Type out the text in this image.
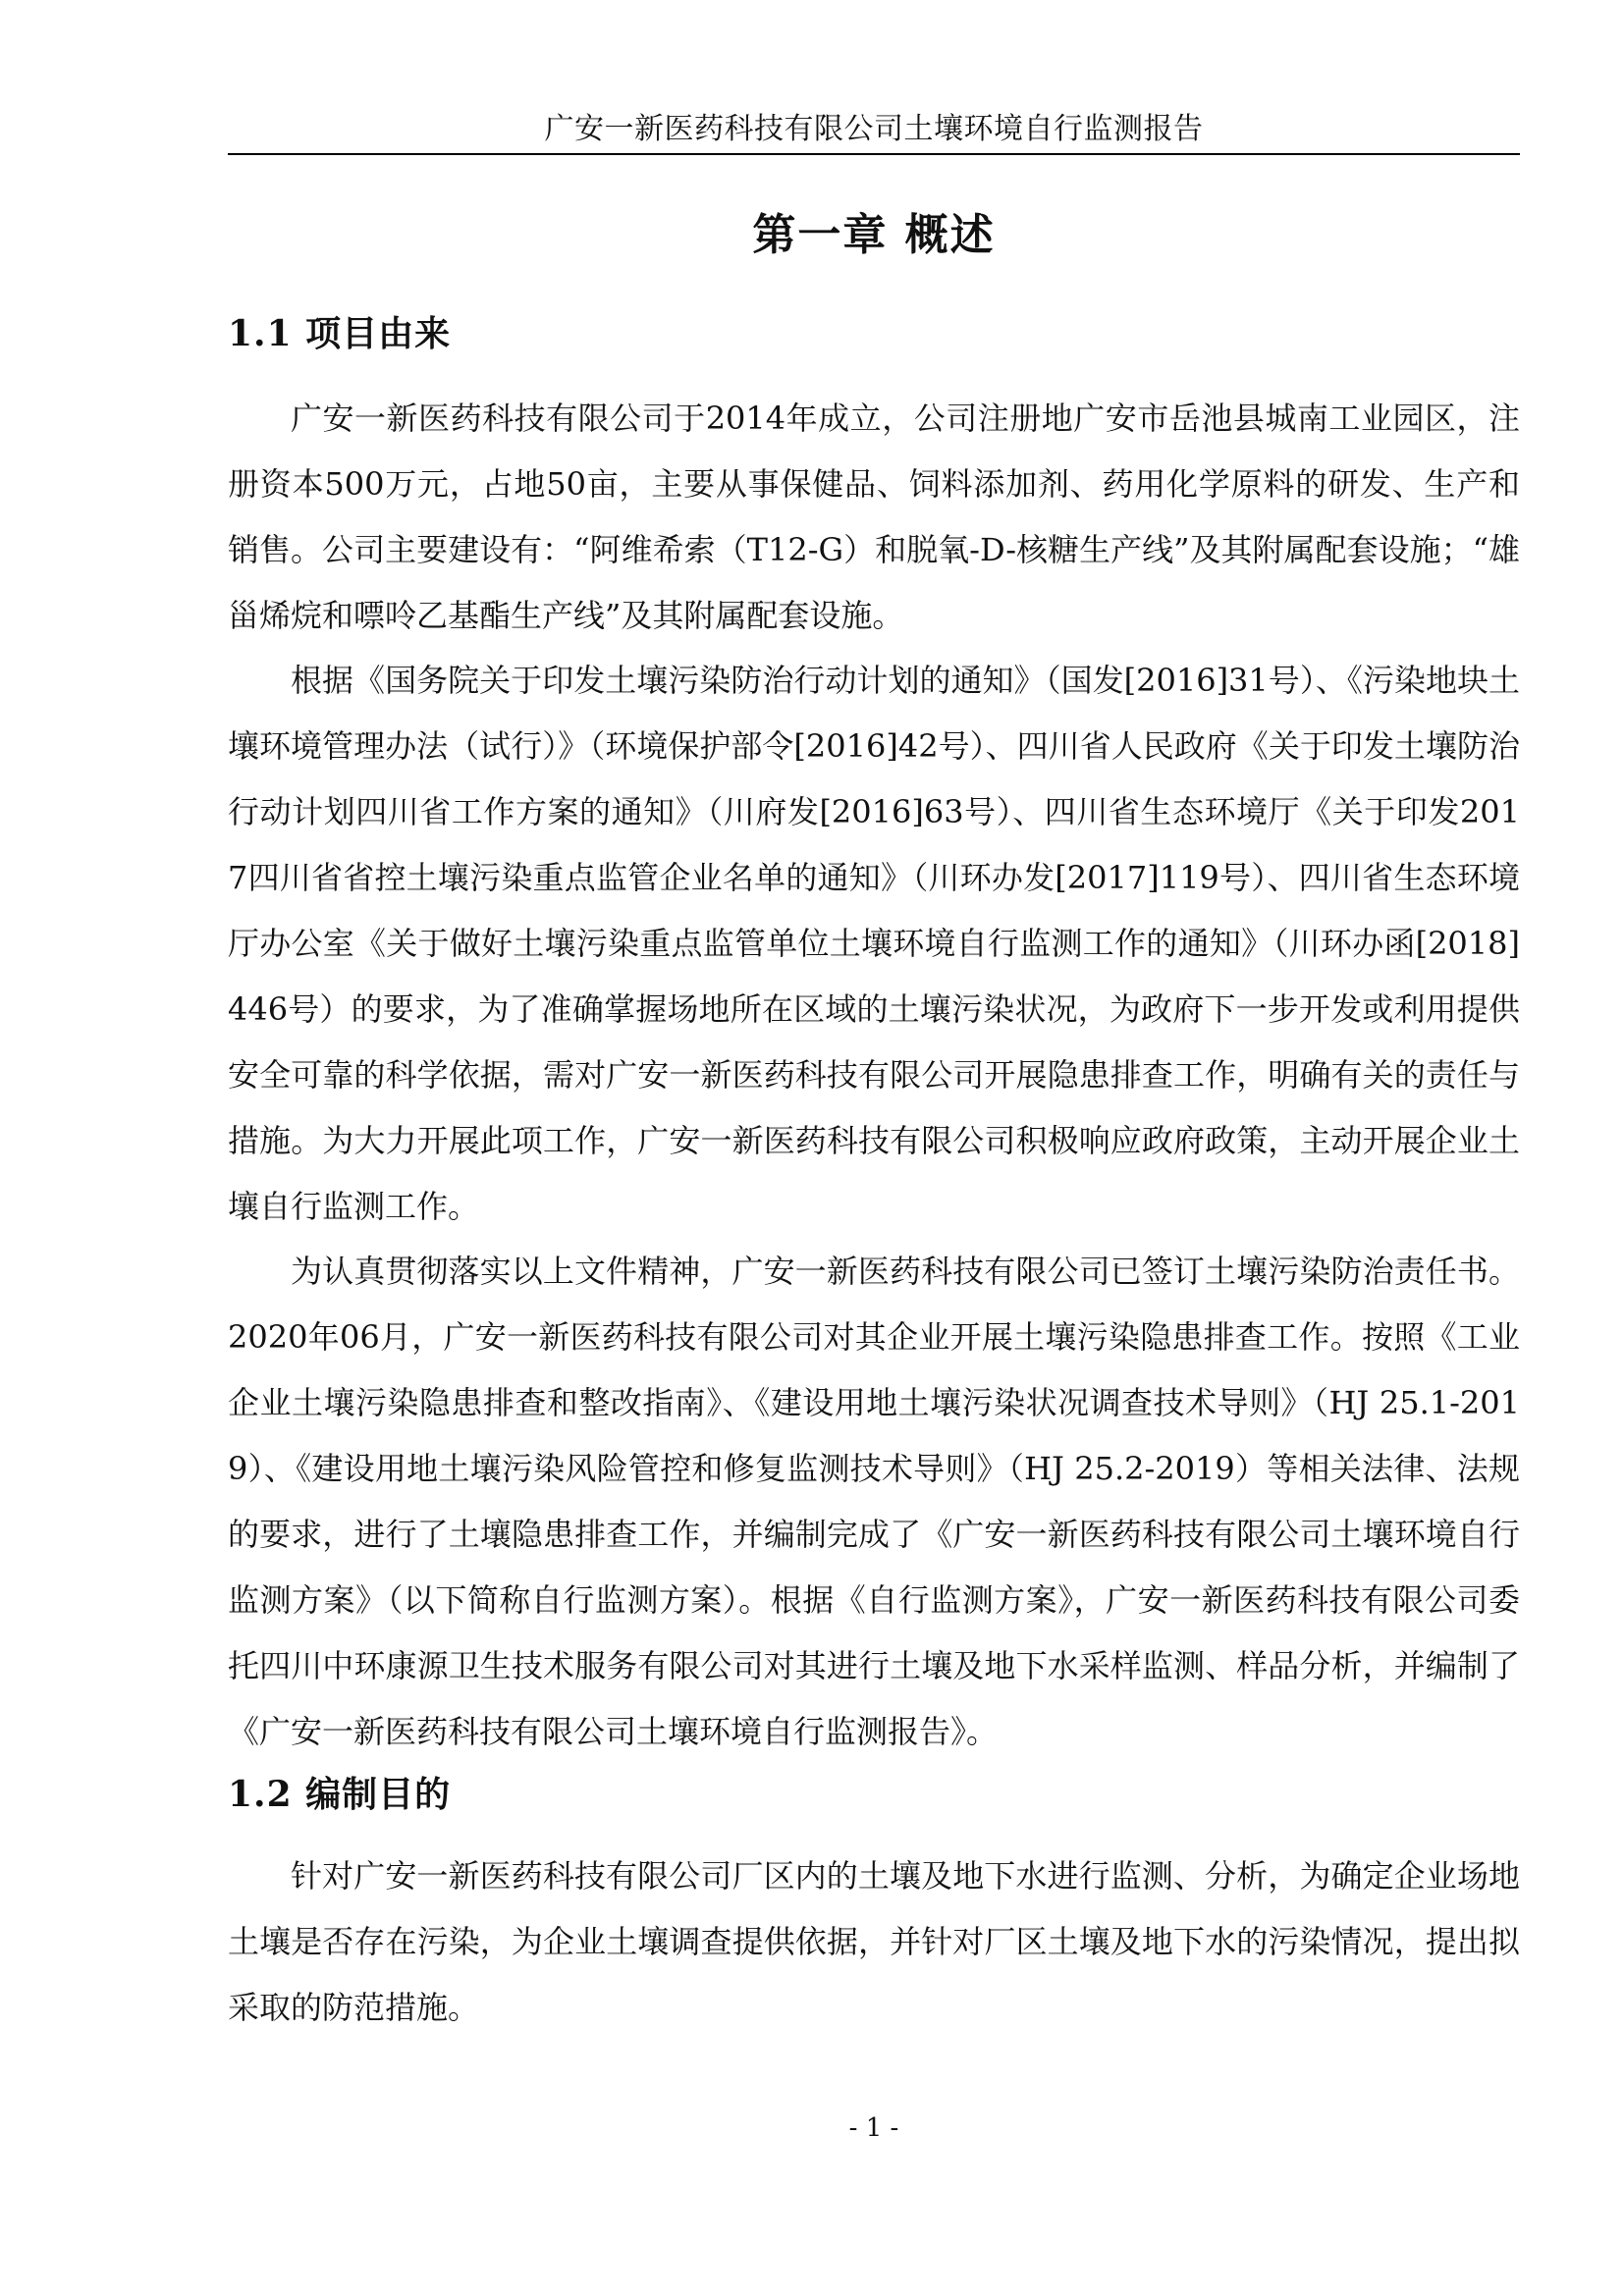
广安一新医药科技有限公司土壤环境自行监测报告
第一章 概述
1.1 项目由来

广安一新医药科技有限公司于2014年成立，公司注册地广安市岳池县城南工业园区，注册资本500万元，占地50亩，主要从事保健品、饲料添加剂、药用化学原料的研发、生产和销售。公司主要建设有：“阿维希索（T12-G）和脱氧-D-核糖生产线”及其附属配套设施；“雄甾烯烷和嘌呤乙基酯生产线”及其附属配套设施。

根据《国务院关于印发土壤污染防治行动计划的通知》（国发[2016]31号）、《污染地块土壤环境管理办法（试行）》（环境保护部令[2016]42号）、四川省人民政府《关于印发土壤防治行动计划四川省工作方案的通知》（川府发[2016]63号）、四川省生态环境厅《关于印发2017四川省省控土壤污染重点监管企业名单的通知》（川环办发[2017]119号）、四川省生态环境厅办公室《关于做好土壤污染重点监管单位土壤环境自行监测工作的通知》（川环办函[2018]446号）的要求，为了准确掌握场地所在区域的土壤污染状况，为政府下一步开发或利用提供安全可靠的科学依据，需对广安一新医药科技有限公司开展隐患排查工作，明确有关的责任与措施。为大力开展此项工作，广安一新医药科技有限公司积极响应政府政策，主动开展企业土壤自行监测工作。

为认真贯彻落实以上文件精神，广安一新医药科技有限公司已签订土壤污染防治责任书。2020年06月，广安一新医药科技有限公司对其企业开展土壤污染隐患排查工作。按照《工业企业土壤污染隐患排查和整改指南》、《建设用地土壤污染状况调查技术导则》（HJ 25.1-2019）、《建设用地土壤污染风险管控和修复监测技术导则》（HJ 25.2-2019）等相关法律、法规的要求，进行了土壤隐患排查工作，并编制完成了《广安一新医药科技有限公司土壤环境自行监测方案》（以下简称自行监测方案）。根据《自行监测方案》，广安一新医药科技有限公司委托四川中环康源卫生技术服务有限公司对其进行土壤及地下水采样监测、样品分析，并编制了《广安一新医药科技有限公司土壤环境自行监测报告》。

1.2 编制目的

针对广安一新医药科技有限公司厂区内的土壤及地下水进行监测、分析，为确定企业场地土壤是否存在污染，为企业土壤调查提供依据，并针对厂区土壤及地下水的污染情况，提出拟采取的防范措施。

- 1 -
